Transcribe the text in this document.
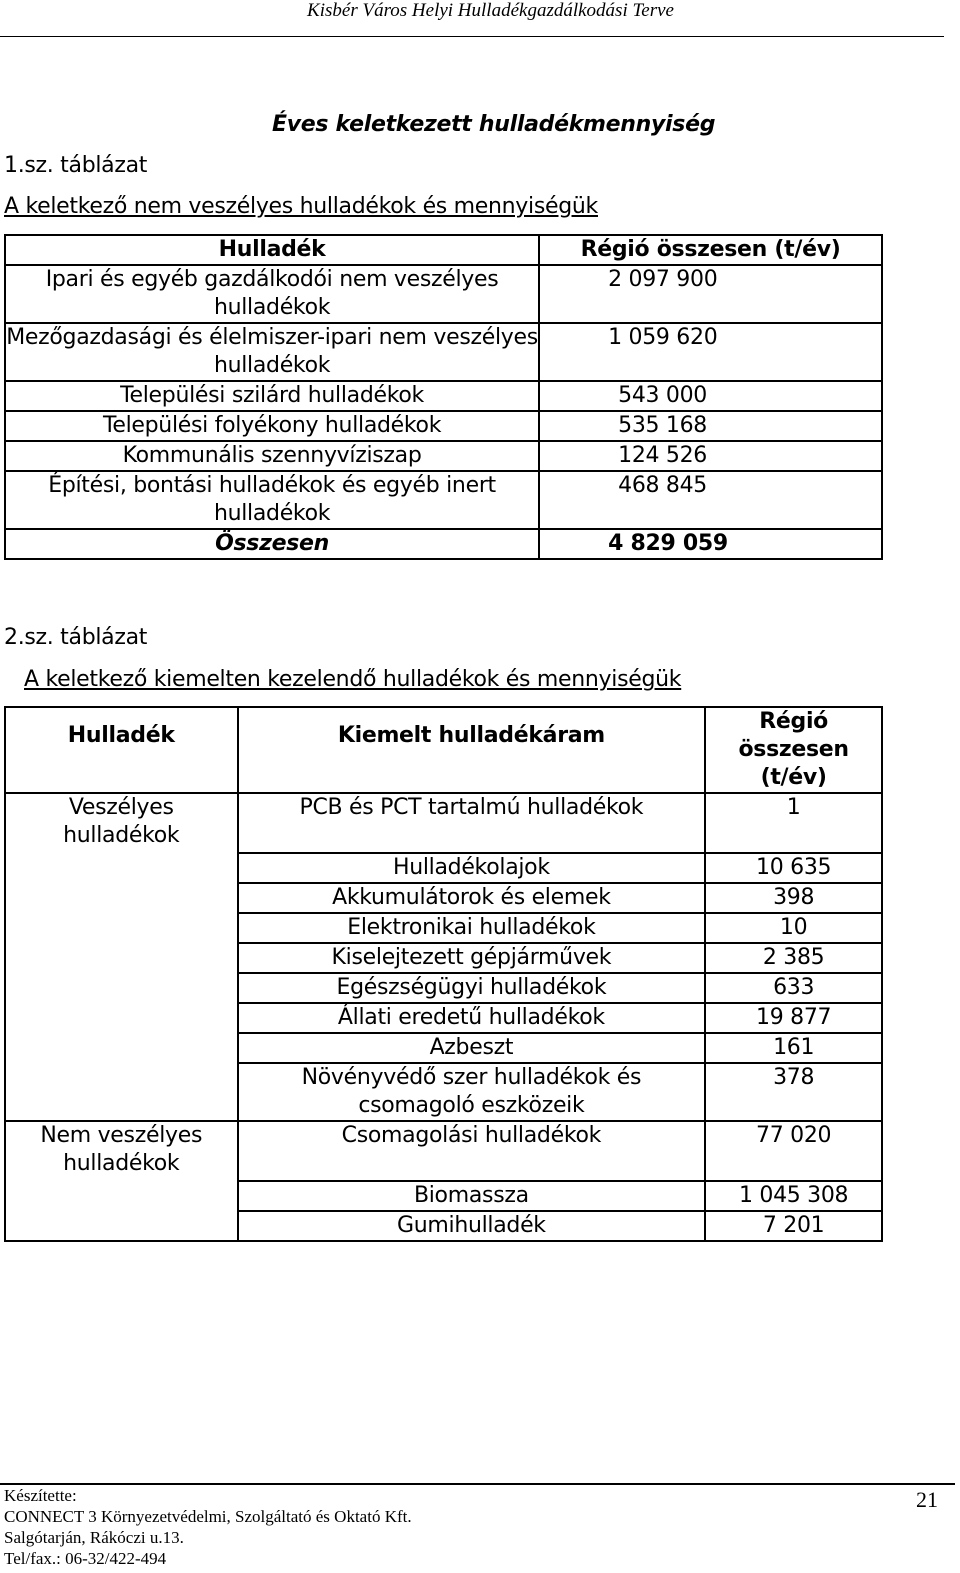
Kisbér Város Helyi Hulladékgazdálkodási Terve
Éves keletkezett hulladékmennyiség
1.sz. táblázat
A keletkező nem veszélyes hulladékok és mennyiségük
Hulladék	Régió összesen (t/év)

Ipari és egyéb gazdálkodói nem veszélyes
hulladékok	2 097 900

Mezőgazdasági és élelmiszer-ipari nem veszélyes
hulladékok	1 059 620
Települési szilárd hulladékok	543 000
Települési folyékony hulladékok	535 168
Kommunális szennyvíziszap	124 526

Építési, bontási hulladékok és egyéb inert
hulladékok	468 845
Összesen	4 829 059
2.sz. táblázat
A keletkező kiemelten kezelendő hulladékok és mennyiségük
Hulladék	Kiemelt hulladékáram	Régió
összesen
(t/év)

Veszélyes
hulladékok	PCB és PCT tartalmú hulladékok	1
	Hulladékolajok	10 635
	Akkumulátorok és elemek	398
	Elektronikai hulladékok	10
	Kiselejtezett gépjárművek	2 385
	Egészségügyi hulladékok	633
	Állati eredetű hulladékok	19 877
	Azbeszt	161

	Növényvédő szer hulladékok és
csomagoló eszközeik	378

Nem veszélyes
hulladékok	Csomagolási hulladékok	77 020
	Biomassza	1 045 308
	Gumihulladék	7 201
Készítette:
CONNECT 3 Környezetvédelmi, Szolgáltató és Oktató Kft.
Salgótarján, Rákóczi u.13.
Tel/fax.: 06-32/422-494
21
